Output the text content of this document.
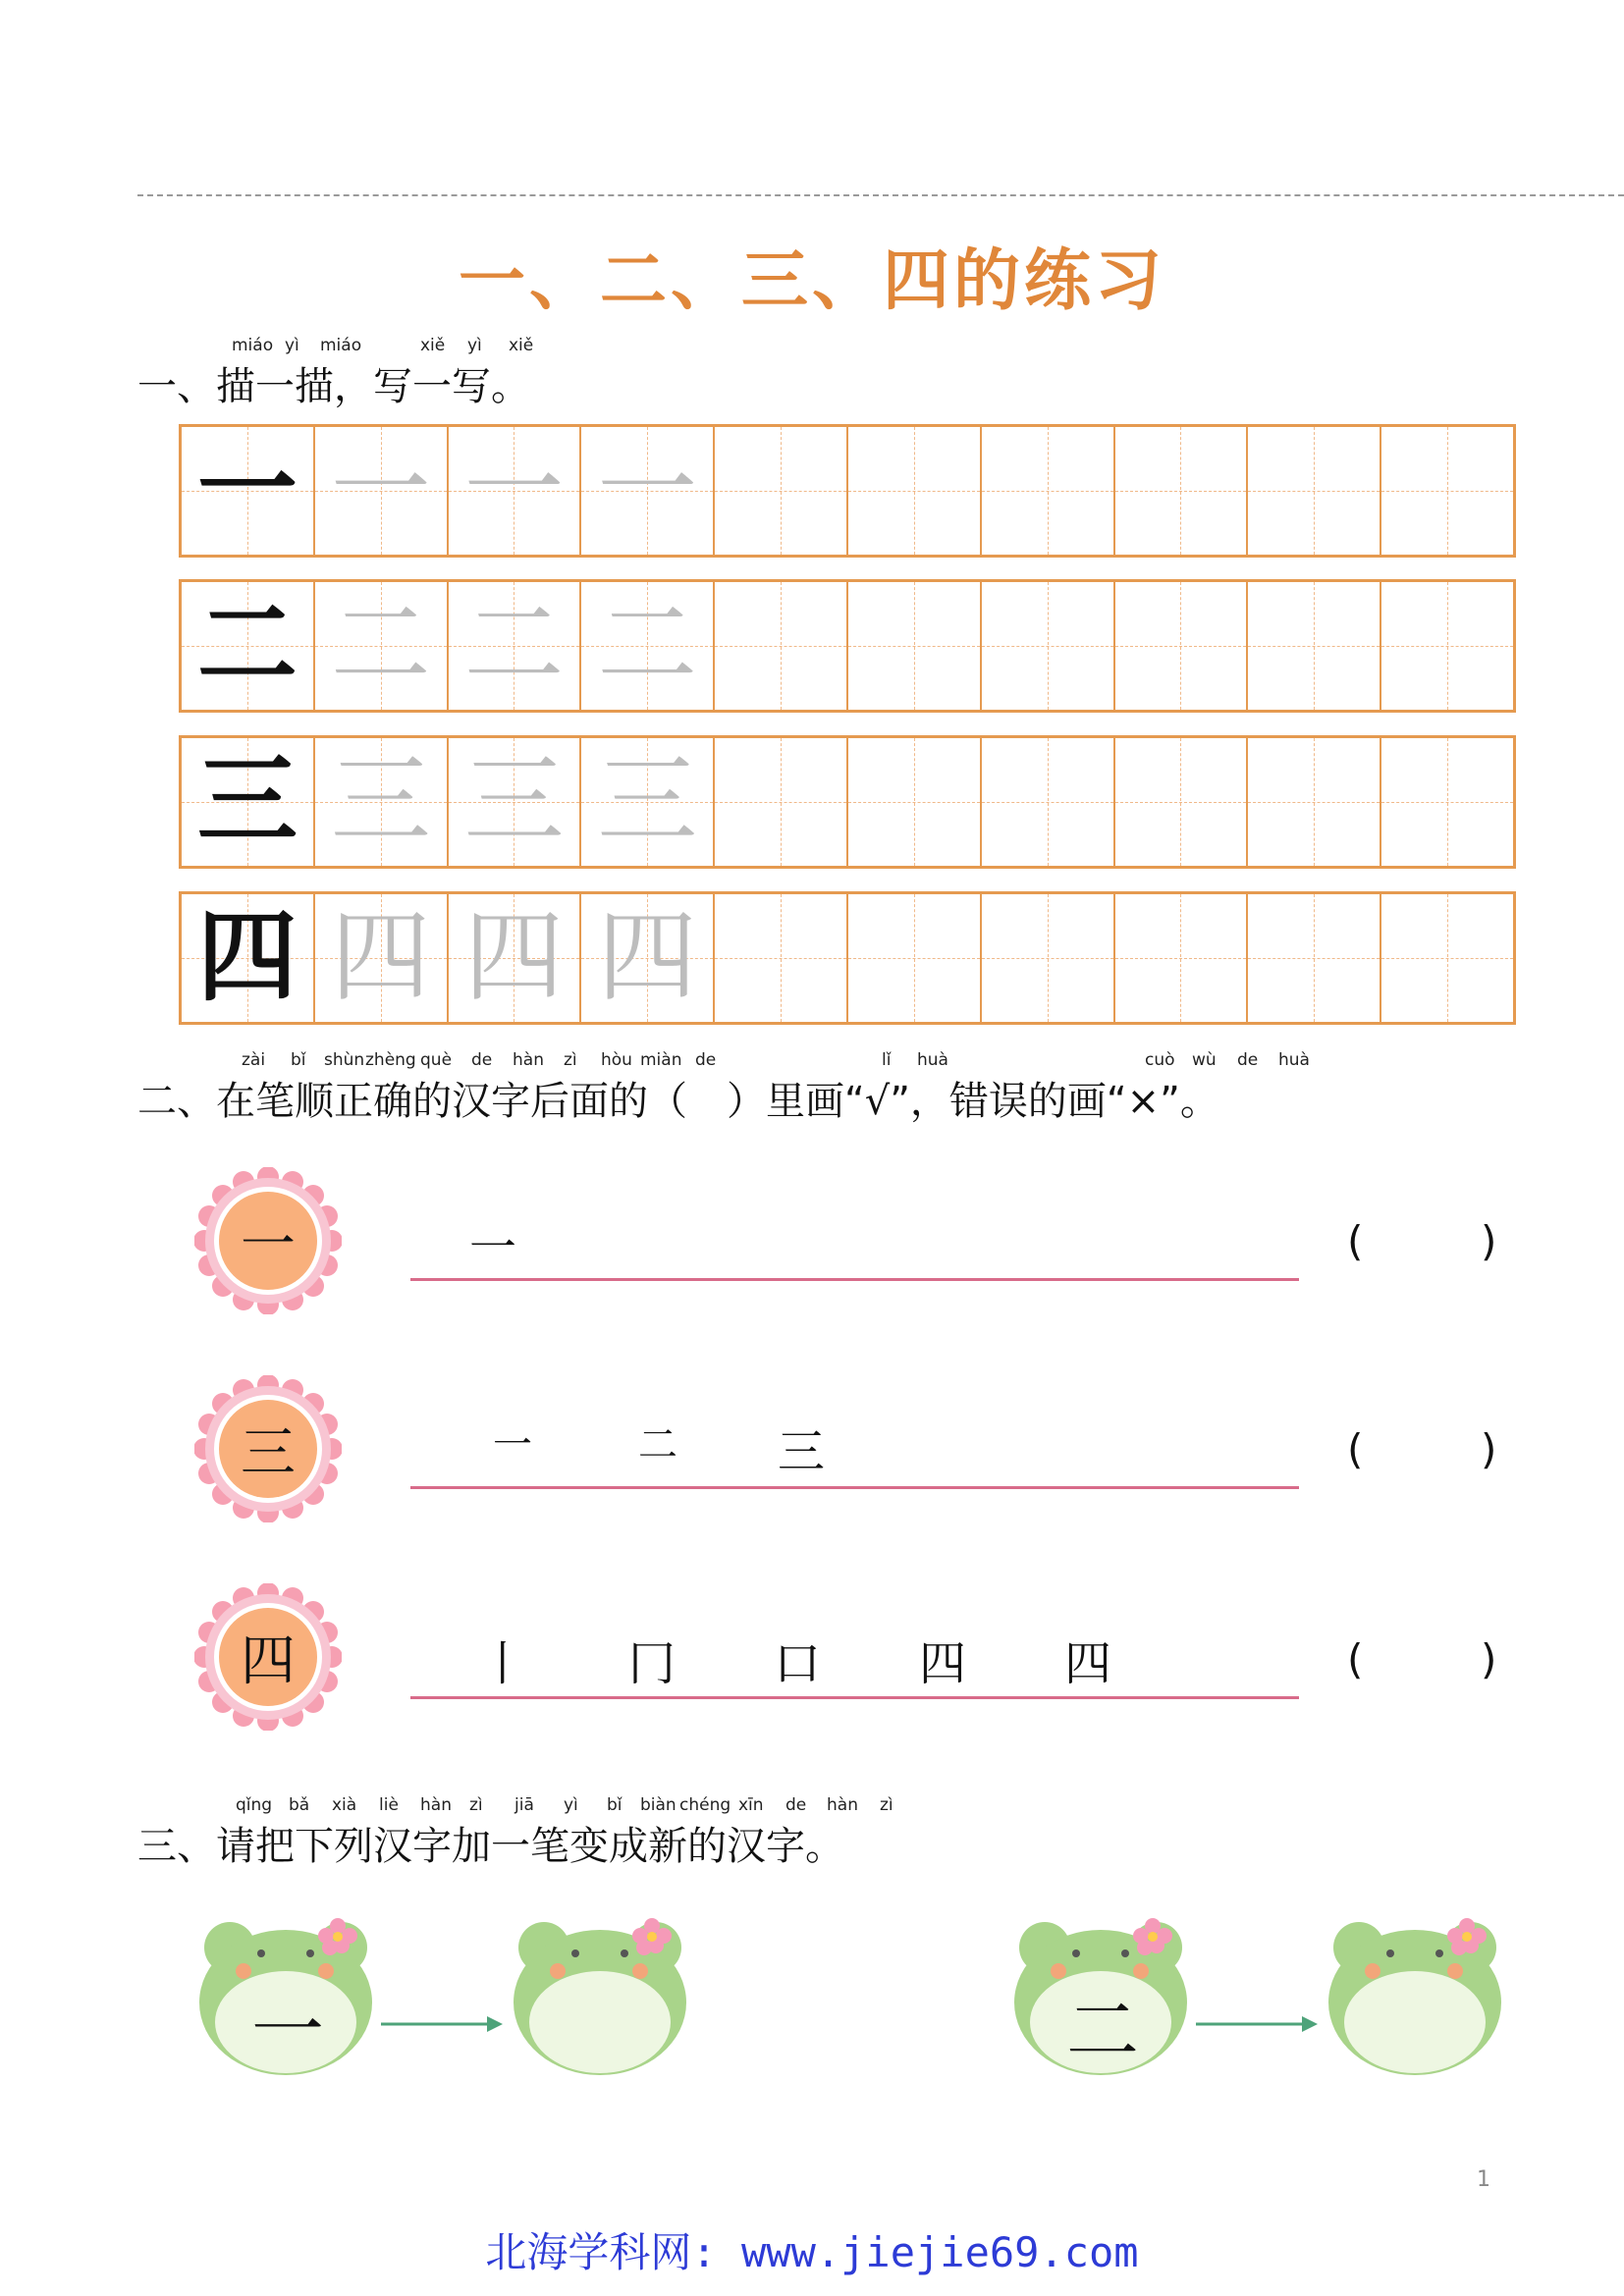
一、二、三、四的练习
miáo yì miáo	xiě yì xiě
一、描一描，写一写。
一 一 一 一
二 二 二 二
三 三 三 三
四 四 四 四
zài bǐ shùn zhèng què de hàn zì hòu miàn de	lǐ huà	cuò wù de huà
二、在笔顺正确的汉字后面的（　）里画“√”，错误的画“×”。
一	一	(	)
三	一	二 三	(	)
四	丨 冂 口 四 四	(	)
qǐng bǎ xià liè hàn zì jiā yì bǐ biàn chéng xīn de hàn zì
三、请把下列汉字加一笔变成新的汉字。
一	二
1
北海学科网: www.jiejie69.com
